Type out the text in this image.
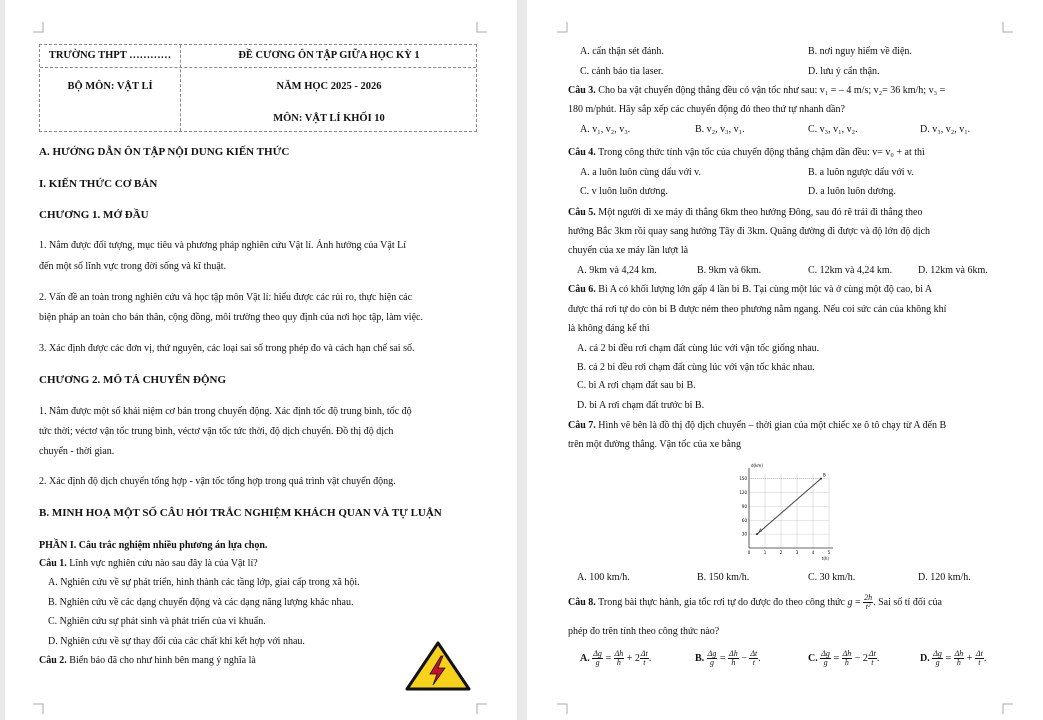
TRƯỜNG THPT …………	ĐỀ CƯƠNG ÔN TẬP GIỮA HỌC KỲ 1
BỘ MÔN: VẬT LÍ	NĂM HỌC 2025 - 2026
MÔN: VẬT LÍ KHỐI 10
A. HƯỚNG DẪN ÔN TẬP NỘI DUNG KIẾN THỨC
I. KIẾN THỨC CƠ BẢN
CHƯƠNG 1. MỞ ĐẦU
1. Nắm được đối tượng, mục tiêu và phương pháp nghiên cứu Vật lí. Ảnh hưởng của Vật Lí
đến một số lĩnh vực trong đời sống và kĩ thuật.
2. Vấn đề an toàn trong nghiên cứu và học tập môn Vật lí: hiểu được các rủi ro, thực hiện các
biện pháp an toàn cho bản thân, cộng đồng, môi trường theo quy định của nơi học tập, làm việc.
3. Xác định được các đơn vị, thứ nguyên, các loại sai số trong phép đo và cách hạn chế sai số.
CHƯƠNG 2. MÔ TẢ CHUYỂN ĐỘNG
1. Nắm được một số khái niệm cơ bản trong chuyển động. Xác định tốc độ trung bình, tốc độ
tức thời; véctơ vận tốc trung bình, véctơ vận tốc tức thời, độ dịch chuyển. Đồ thị độ dịch
chuyển - thời gian.
2. Xác định độ dịch chuyển tổng hợp - vận tốc tổng hợp trong quá trình vật chuyển động.
B. MINH HOẠ MỘT SỐ CÂU HỎI TRẮC NGHIỆM KHÁCH QUAN VÀ TỰ LUẬN
PHẦN I. Câu trắc nghiệm nhiều phương án lựa chọn.
Câu 1. Lĩnh vực nghiên cứu nào sau đây là của Vật lí?
A. Nghiên cứu về sự phát triển, hình thành các tầng lớp, giai cấp trong xã hội.
B. Nghiên cứu về các dạng chuyển động và các dạng năng lượng khác nhau.
C. Nghiên cứu sự phát sinh và phát triển của vi khuẩn.
D. Nghiên cứu về sự thay đổi của các chất khi kết hợp với nhau.
Câu 2. Biển báo đã cho như hình bên mang ý nghĩa là
A. cẩn thận sét đánh.	B. nơi nguy hiểm về điện.
C. cảnh báo tia laser.	D. lưu ý cẩn thận.
Câu 3. Cho ba vật chuyển động thẳng đều có vận tốc như sau: v₁ = – 4 m/s; v₂= 36 km/h; v₃ =
180 m/phút. Hãy sắp xếp các chuyển động đó theo thứ tự nhanh dần?
A. v₁, v₂, v₃.	B. v₂, v₃, v₁.	C. v₃, v₁, v₂.	D. v₃, v₂, v₁.
Câu 4. Trong công thức tính vận tốc của chuyển động thẳng chậm dần đều: v= v₀ + at thì
A. a luôn luôn cùng dấu với v.	B. a luôn ngược dấu với v.
C. v luôn luôn dương.	D. a luôn luôn dương.
Câu 5. Một người đi xe máy đi thẳng 6km theo hướng Đông, sau đó rẽ trái đi thẳng theo
hướng Bắc 3km rồi quay sang hướng Tây đi 3km. Quãng đường đi được và độ lớn độ dịch
chuyển của xe máy lần lượt là
A. 9km và 4,24 km.	B. 9km và 6km.	C. 12km và 4,24 km.	D. 12km và 6km.
Câu 6. Bi A có khối lượng lớn gấp 4 lần bi B. Tại cùng một lúc và ở cùng một độ cao, bi A
được thả rơi tự do còn bi B được ném theo phương nằm ngang. Nếu coi sức cản của không khí
là không đáng kể thì
A. cả 2 bi đều rơi chạm đất cùng lúc với vận tốc giống nhau.
B. cả 2 bi đều rơi chạm đất cùng lúc với vận tốc khác nhau.
C. bi A rơi chạm đất sau bi B.
D. bi A rơi chạm đất trước bi B.
Câu 7. Hình vẽ bên là đồ thị độ dịch chuyển – thời gian của một chiếc xe ô tô chạy từ A đến B
trên một đường thẳng. Vận tốc của xe bằng
30
60
90
120
150
0	1	2	3	4	5
d(km)
t(h)
A
B
A. 100 km/h.	B. 150 km/h.	C. 30 km/h.	D. 120 km/h.
Câu 8. Trong bài thực hành, gia tốc rơi tự do được đo theo công thức $g = \frac{2h}{\text{t²}}$ . Sai số tỉ đối của
phép đo trên tính theo công thức nào?
A. $\frac{\Delta g}{g} = \frac{\Delta h}{h} + 2 \frac{\Delta t}{t}$ .	B. $\frac{\Delta g}{g} = \frac{\Delta h}{h} - \frac{\Delta t}{t}$ .	C. $\frac{\Delta g}{g} = \frac{\Delta h}{h} - 2 \frac{\Delta t}{t}$ .	D. $\frac{\Delta g}{g} = \frac{\Delta h}{h} + \frac{\Delta t}{t}$ .
